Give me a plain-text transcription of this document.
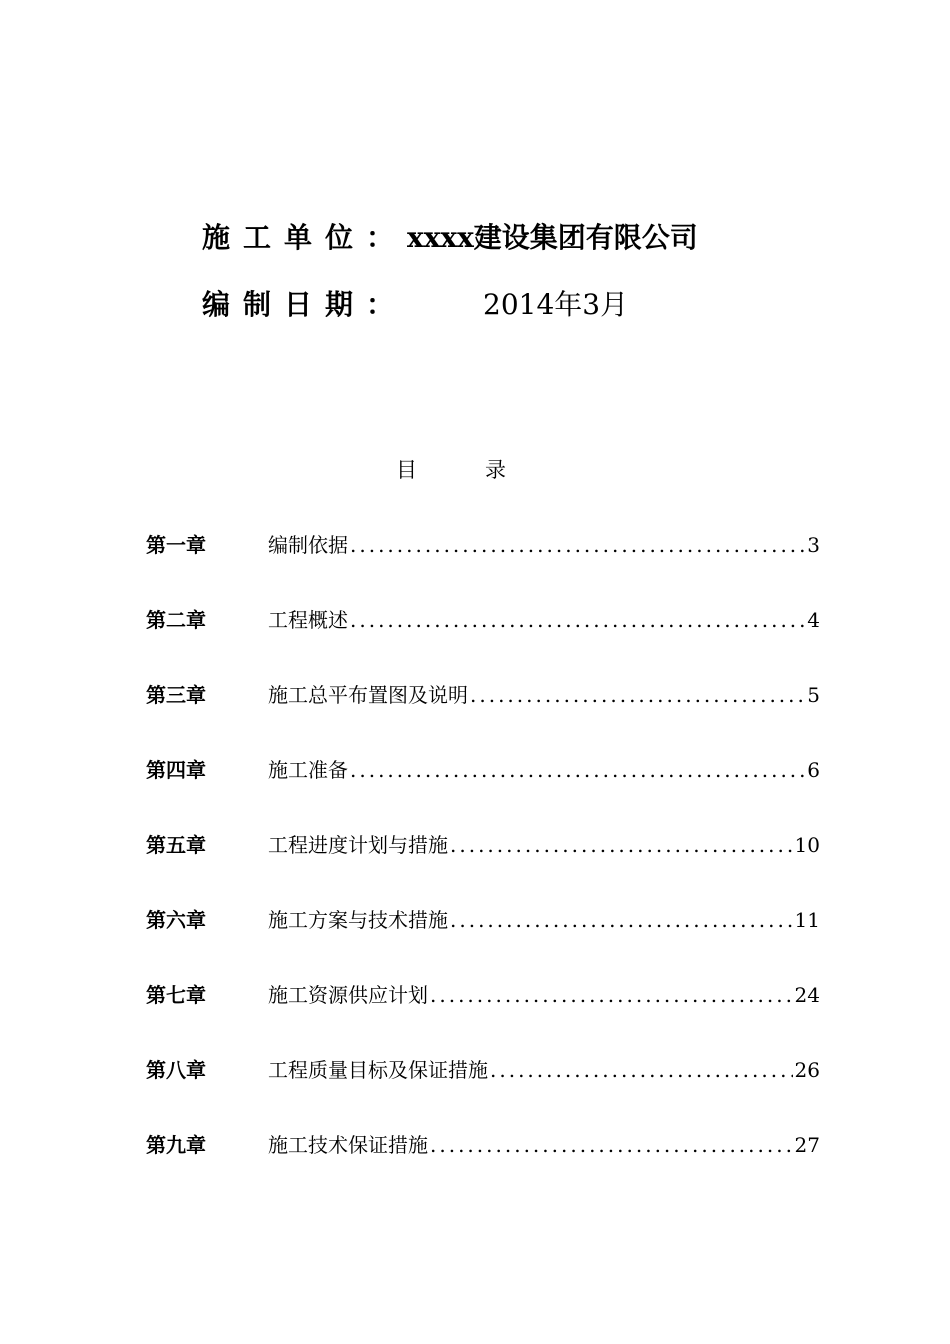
施工单位：xxxx建设集团有限公司
编制日期：	2014年3月
目录
第一章	编制依据 .....	3
第二章	工程概述 .....	4
第三章	施工总平布置图及说明 .....	5
第四章	施工准备 .....	6
第五章	工程进度计划与措施 .....	10
第六章	施工方案与技术措施 .....	11
第七章	施工资源供应计划 .....	24
第八章	工程质量目标及保证措施 .....	26
第九章	施工技术保证措施 .....	27
